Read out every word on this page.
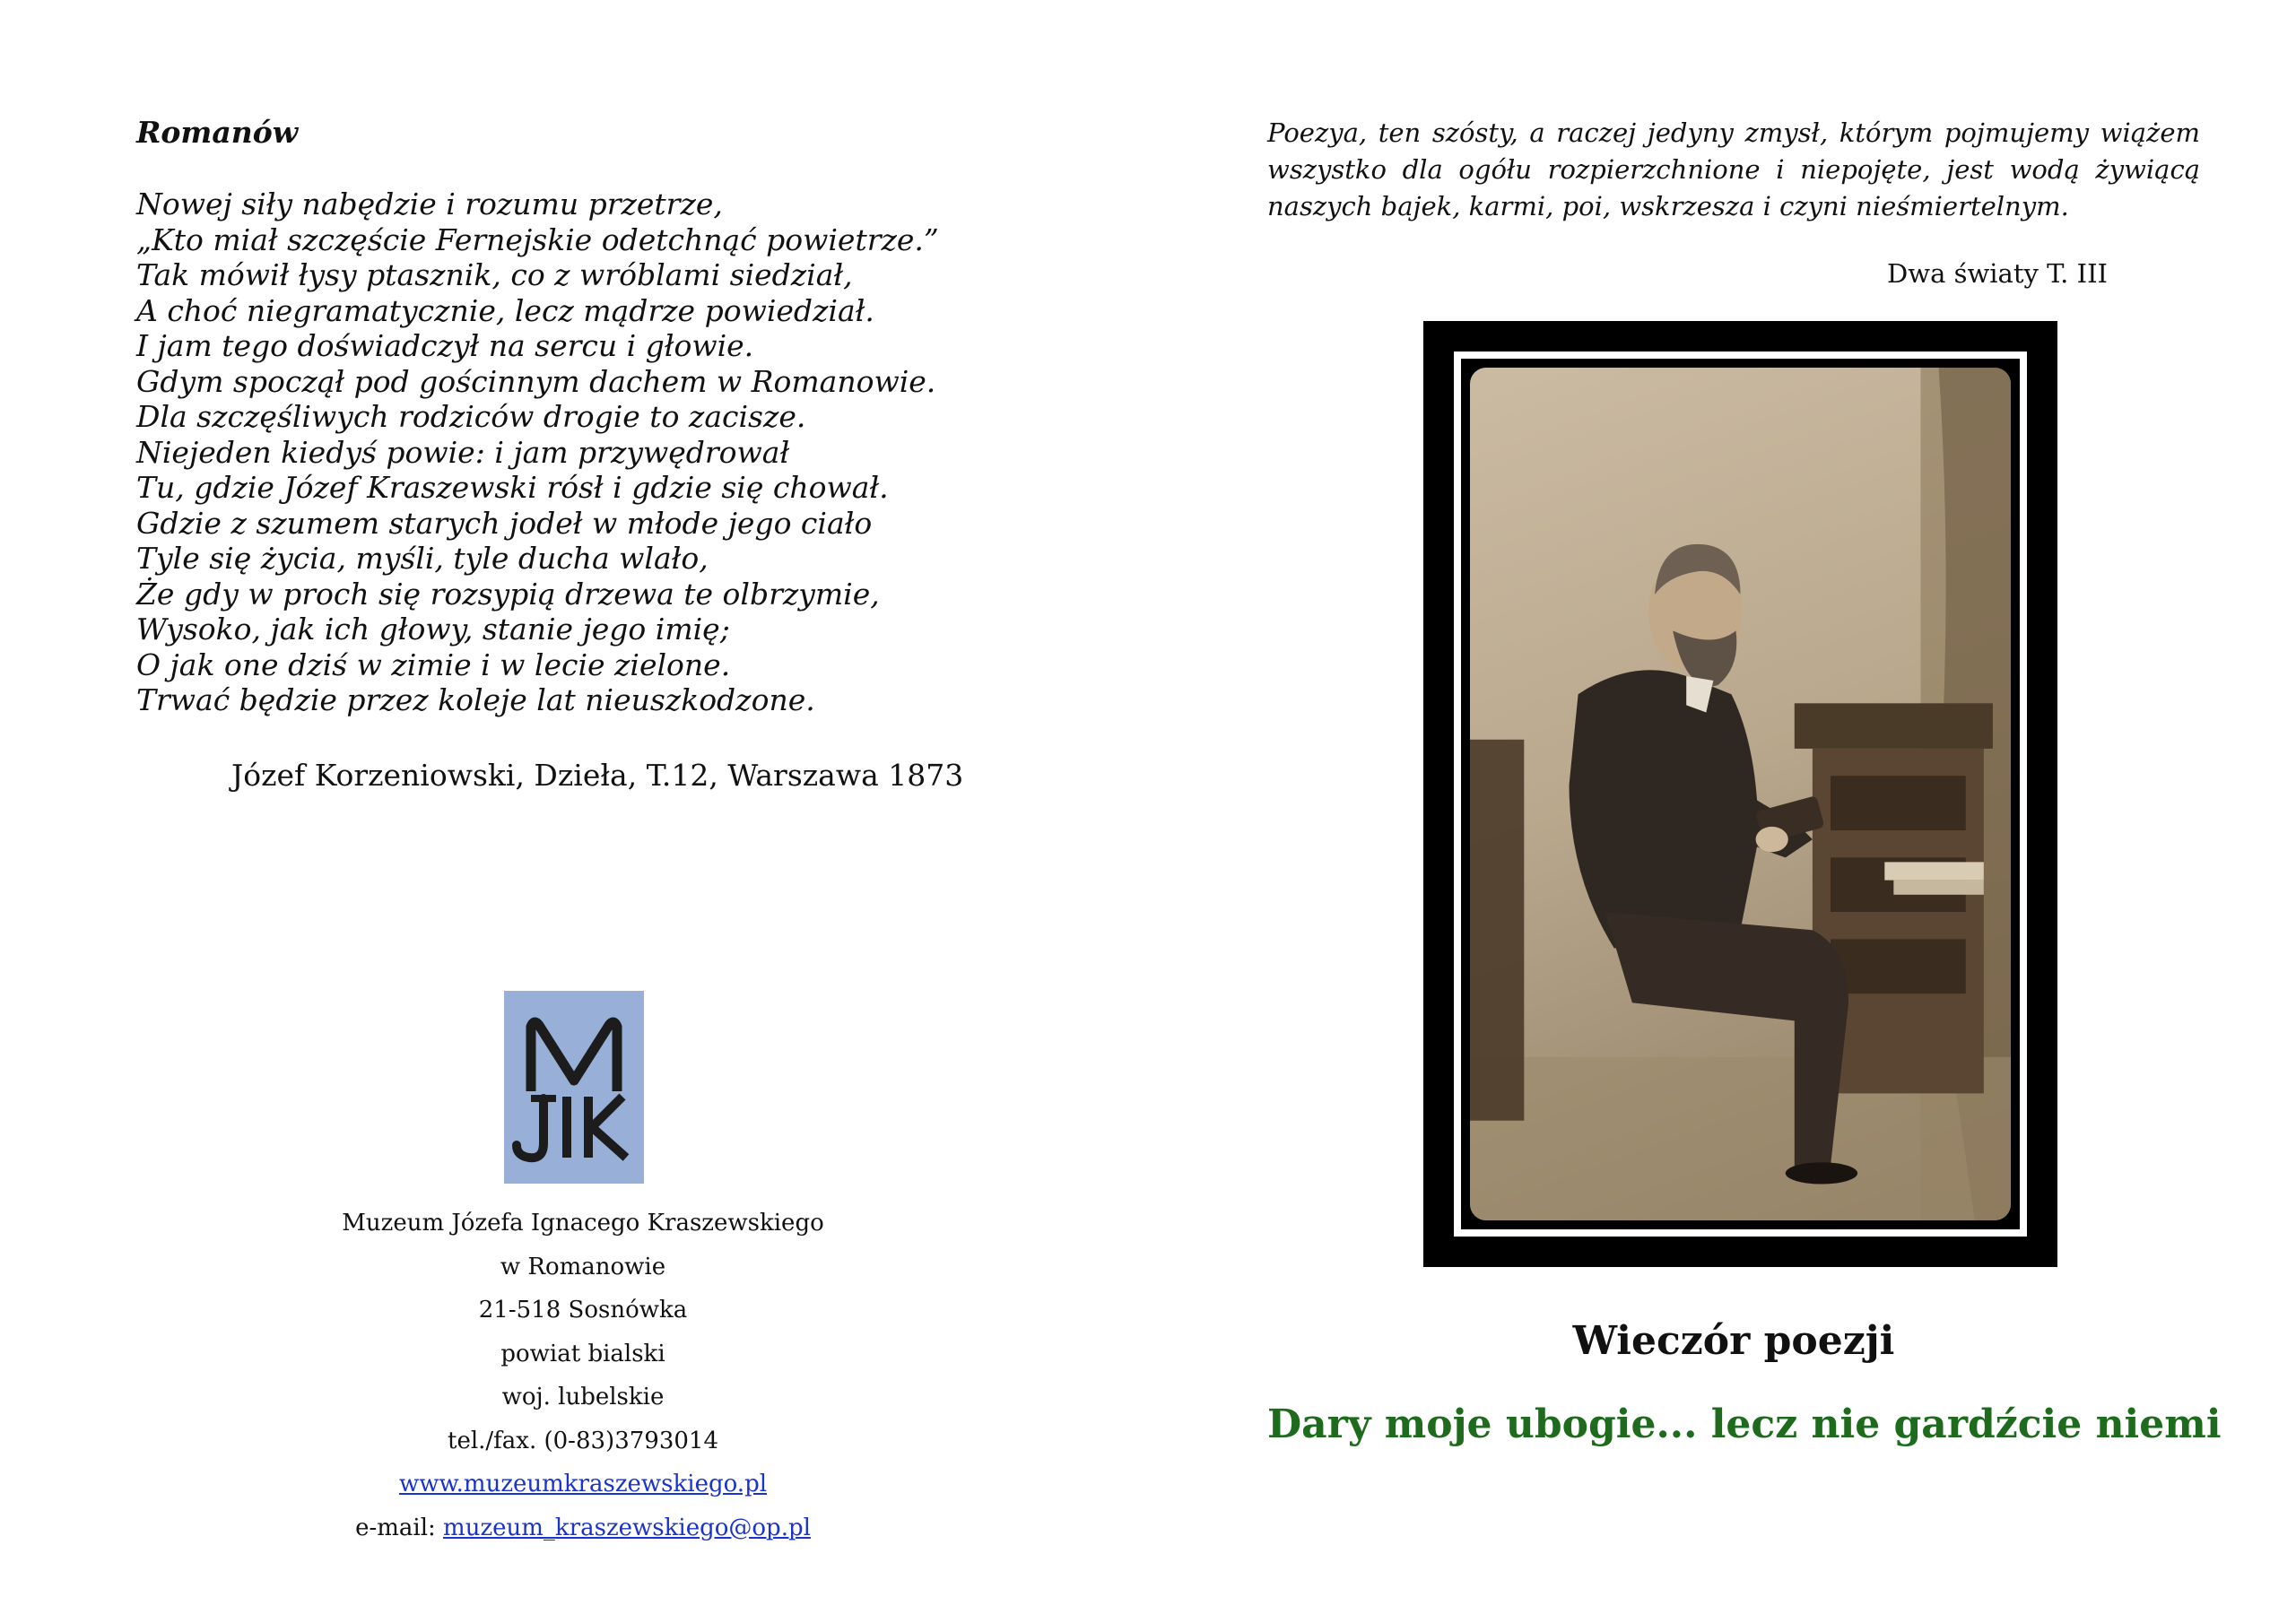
Romanów

Nowej siły nabędzie i rozumu przetrze,
„Kto miał szczęście Fernejskie odetchnąć powietrze.”
Tak mówił łysy ptasznik, co z wróblami siedział,
A choć niegramatycznie, lecz mądrze powiedział.
I jam tego doświadczył na sercu i głowie.
Gdym spoczął pod gościnnym dachem w Romanowie.
Dla szczęśliwych rodziców drogie to zacisze.
Niejeden kiedyś powie: i jam przywędrował
Tu, gdzie Józef Kraszewski rósł i gdzie się chował.
Gdzie z szumem starych jodeł w młode jego ciało
Tyle się życia, myśli, tyle ducha wlało,
Że gdy w proch się rozsypią drzewa te olbrzymie,
Wysoko, jak ich głowy, stanie jego imię;
O jak one dziś w zimie i w lecie zielone.
Trwać będzie przez koleje lat nieuszkodzone.
Józef Korzeniowski, Dzieła, T.12, Warszawa 1873
Muzeum Józefa Ignacego Kraszewskiego
w Romanowie
21-518 Sosnówka
powiat bialski
woj. lubelskie
tel./fax. (0-83)3793014
www.muzeumkraszewskiego.pl
e-mail: muzeum_kraszewskiego@op.pl

Poezya, ten szósty, a raczej jedyny zmysł, którym pojmujemy wiążem wszystko dla ogółu rozpierzchnione i niepojęte, jest wodą żywiącą naszych bajek, karmi, poi, wskrzesza i czyni nieśmiertelnym.

Dwa światy T. III
Wieczór poezji
Dary moje ubogie... lecz nie gardźcie niemi
